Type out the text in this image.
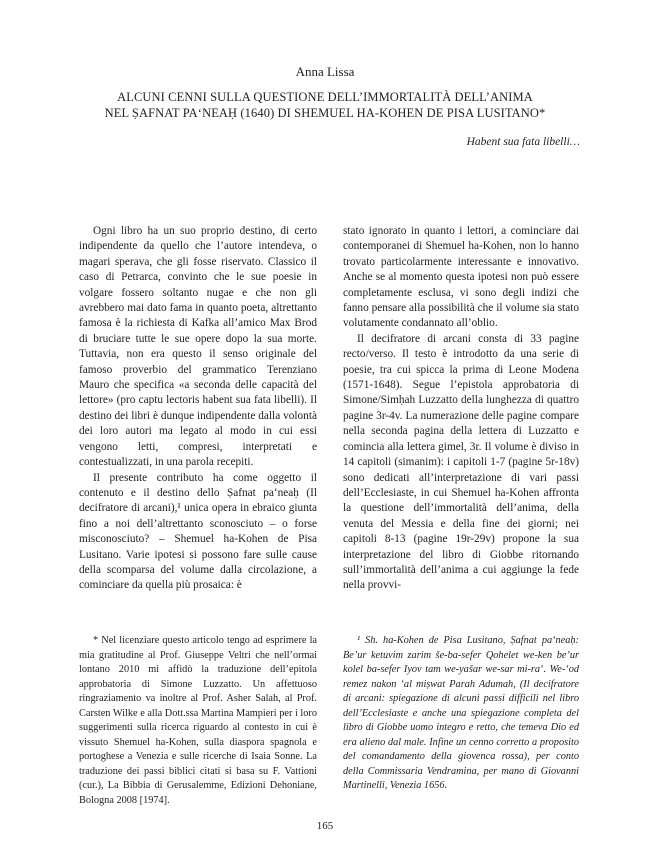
Anna Lissa
ALCUNI CENNI SULLA QUESTIONE DELL’IMMORTALITÀ DELL’ANIMA
NEL ṢAFNAT PA‘NEAḤ (1640) DI SHEMUEL HA-KOHEN DE PISA LUSITANO*
Habent sua fata libelli…

Ogni libro ha un suo proprio destino, di certo indipendente da quello che l’autore intendeva, o magari sperava, che gli fosse riservato. Classico il caso di Petrarca, convinto che le sue poesie in volgare fossero soltanto nugae e che non gli avrebbero mai dato fama in quanto poeta, altrettanto famosa è la richiesta di Kafka all’amico Max Brod di bruciare tutte le sue opere dopo la sua morte. Tuttavia, non era questo il senso originale del famoso proverbio del grammatico Terenziano Mauro che specifica «a seconda delle capacità del lettore» (pro captu lectoris habent sua fata libelli). Il destino dei libri è dunque indipendente dalla volontà dei loro autori ma legato al modo in cui essi vengono letti, compresi, interpretati e contestualizzati, in una parola recepiti.

Il presente contributo ha come oggetto il contenuto e il destino dello Ṣafnat pa‘neaḥ (Il decifratore di arcani),¹ unica opera in ebraico giunta fino a noi dell’altrettanto sconosciuto – o forse misconosciuto? – Shemuel ha-Kohen de Pisa Lusitano. Varie ipotesi si possono fare sulle cause della scomparsa del volume dalla circolazione, a cominciare da quella più prosaica: è

stato ignorato in quanto i lettori, a cominciare dai contemporanei di Shemuel ha-Kohen, non lo hanno trovato particolarmente interessante e innovativo. Anche se al momento questa ipotesi non può essere completamente esclusa, vi sono degli indizi che fanno pensare alla possibilità che il volume sia stato volutamente condannato all’oblio.

Il decifratore di arcani consta di 33 pagine recto/verso. Il testo è introdotto da una serie di poesie, tra cui spicca la prima di Leone Modena (1571-1648). Segue l’epistola approbatoria di Simone/Simḥah Luzzatto della lunghezza di quattro pagine 3r-4v. La numerazione delle pagine compare nella seconda pagina della lettera di Luzzatto e comincia alla lettera gimel, 3r. Il volume è diviso in 14 capitoli (simanim): i capitoli 1-7 (pagine 5r-18v) sono dedicati all’interpretazione di vari passi dell’Ecclesiaste, in cui Shemuel ha-Kohen affronta la questione dell’immortalità dell’anima, della venuta del Messia e della fine dei giorni; nei capitoli 8-13 (pagine 19r-29v) propone la sua interpretazione del libro di Giobbe ritornando sull’immortalità dell’anima a cui aggiunge la fede nella provvi-

* Nel licenziare questo articolo tengo ad esprimere la mia gratitudine al Prof. Giuseppe Veltri che nell’ormai lontano 2010 mi affidò la traduzione dell’epitola approbatoria di Simone Luzzatto. Un affettuoso ringraziamento va inoltre al Prof. Asher Salah, al Prof. Carsten Wilke e alla Dott.ssa Martina Mampieri per i loro suggerimenti sulla ricerca riguardo al contesto in cui è vissuto Shemuel ha-Kohen, sulla diaspora spagnola e portoghese a Venezia e sulle ricerche di Isaia Sonne. La traduzione dei passi biblici citati si basa su F. Vattioni (cur.), La Bibbia di Gerusalemme, Edizioni Dehoniane, Bologna 2008 [1974].

¹ Sh. ha-Kohen de Pisa Lusitano, Ṣafnat pa‘neaḥ: Be’ur ketuvim zarim še-ba-sefer Qohelet we-ken be’ur kolel ba-sefer Iyov tam we-yašar we-sar mi-ra‘. We-‘od remez nakon ‘al miṣwat Parah Adumah, (Il decifratore di arcani: spiegazione di alcuni passi difficili nel libro dell’Ecclesiaste e anche una spiegazione completa del libro di Giobbe uomo integro e retto, che temeva Dio ed era alieno dal male. Infine un cenno corretto a proposito del comandamento della giovenca rossa), per conto della Commissaria Vendramina, per mano di Giovanni Martinelli, Venezia 1656.

165
